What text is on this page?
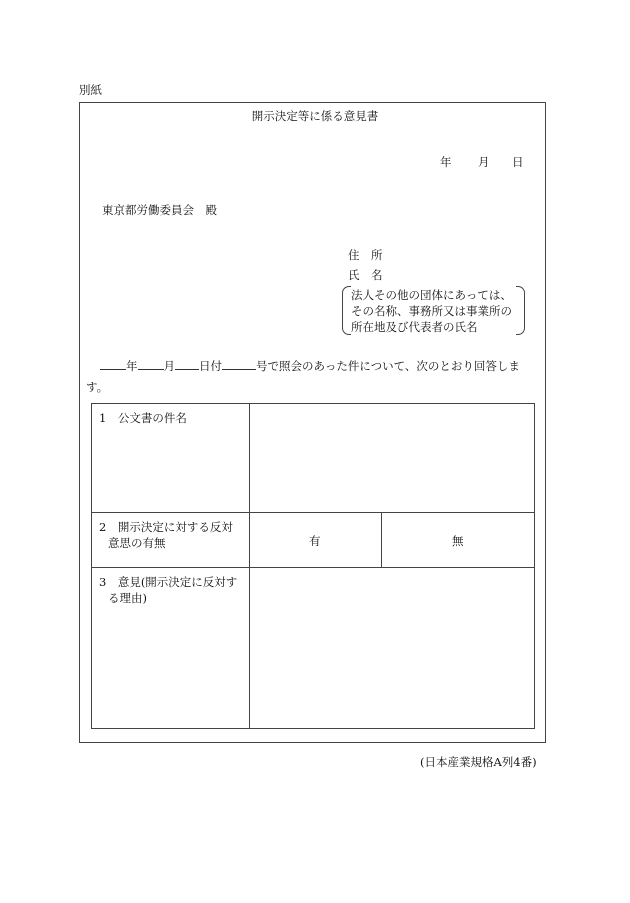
別紙
開示決定等に係る意見書
年 月 日
東京都労働委員会　殿
住　所
氏　名
法人その他の団体にあっては、
その名称、事務所又は事業所の
所在地及び代表者の氏名
年 月 日付	号で照会のあった件について、次のとおり回答しま
す。
1　公文書の件名
2　開示決定に対する反対
意思の有無	有	無
3　意見(開示決定に反対す
る理由)
(日本産業規格A列4番)
